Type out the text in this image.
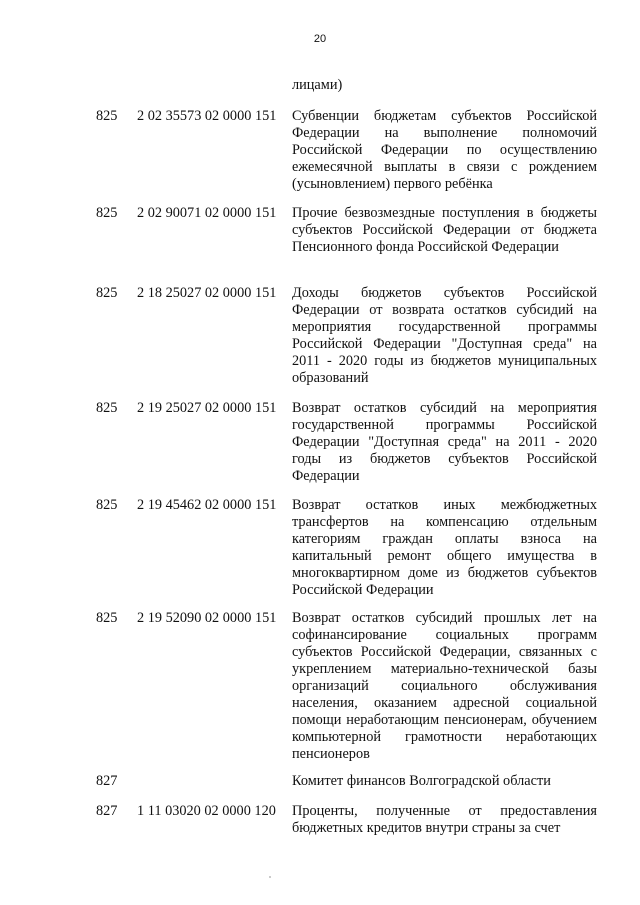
20
лицами)
825 2 02 35573 02 0000 151 Субвенции бюджетам субъектов Российской Федерации на выполнение полномочий Российской Федерации по осуществлению ежемесячной выплаты в связи с рождением (усыновлением) первого ребёнка
825 2 02 90071 02 0000 151 Прочие безвозмездные поступления в бюджеты субъектов Российской Федерации от бюджета Пенсионного фонда Российской Федерации
825 2 18 25027 02 0000 151 Доходы бюджетов субъектов Российской Федерации от возврата остатков субсидий на мероприятия государственной программы Российской Федерации "Доступная среда" на 2011 - 2020 годы из бюджетов муниципальных образований
825 2 19 25027 02 0000 151 Возврат остатков субсидий на мероприятия государственной программы Российской Федерации "Доступная среда" на 2011 - 2020 годы из бюджетов субъектов Российской Федерации
825 2 19 45462 02 0000 151 Возврат остатков иных межбюджетных трансфертов на компенсацию отдельным категориям граждан оплаты взноса на капитальный ремонт общего имущества в многоквартирном доме из бюджетов субъектов Российской Федерации
825 2 19 52090 02 0000 151 Возврат остатков субсидий прошлых лет на софинансирование социальных программ субъектов Российской Федерации, связанных с укреплением материально-технической базы организаций социального обслуживания населения, оказанием адресной социальной помощи неработающим пенсионерам, обучением компьютерной грамотности неработающих пенсионеров
827	Комитет финансов Волгоградской области
827 1 11 03020 02 0000 120 Проценты, полученные от предоставления бюджетных кредитов внутри страны за счет
